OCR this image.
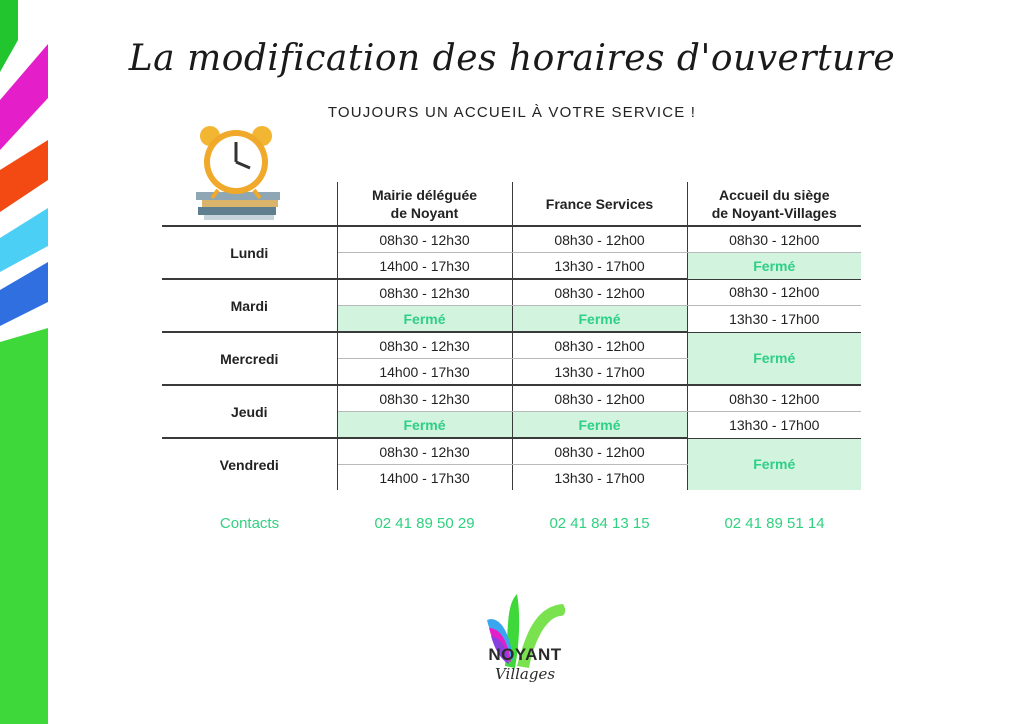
La modification des horaires d'ouverture
TOUJOURS UN ACCUEIL À VOTRE SERVICE !
	Mairie déléguée
de Noyant	France Services	Accueil du siège
de Noyant-Villages
Lundi	08h30 - 12h30	08h30 - 12h00	08h30 - 12h00
	14h00 - 17h30	13h30 - 17h00	Fermé
Mardi	08h30 - 12h30	08h30 - 12h00	08h30 - 12h00
	Fermé	Fermé	13h30 - 17h00
Mercredi	08h30 - 12h30	08h30 - 12h00	Fermé
	14h00 - 17h30	13h30 - 17h00	
Jeudi	08h30 - 12h30	08h30 - 12h00	08h30 - 12h00
	Fermé	Fermé	13h30 - 17h00
Vendredi	08h30 - 12h30	08h30 - 12h00	Fermé
	14h00 - 17h30	13h30 - 17h00	
Contacts	02 41 89 50 29	02 41 84 13 15	02 41 89 51 14
NOYANT
Villages
